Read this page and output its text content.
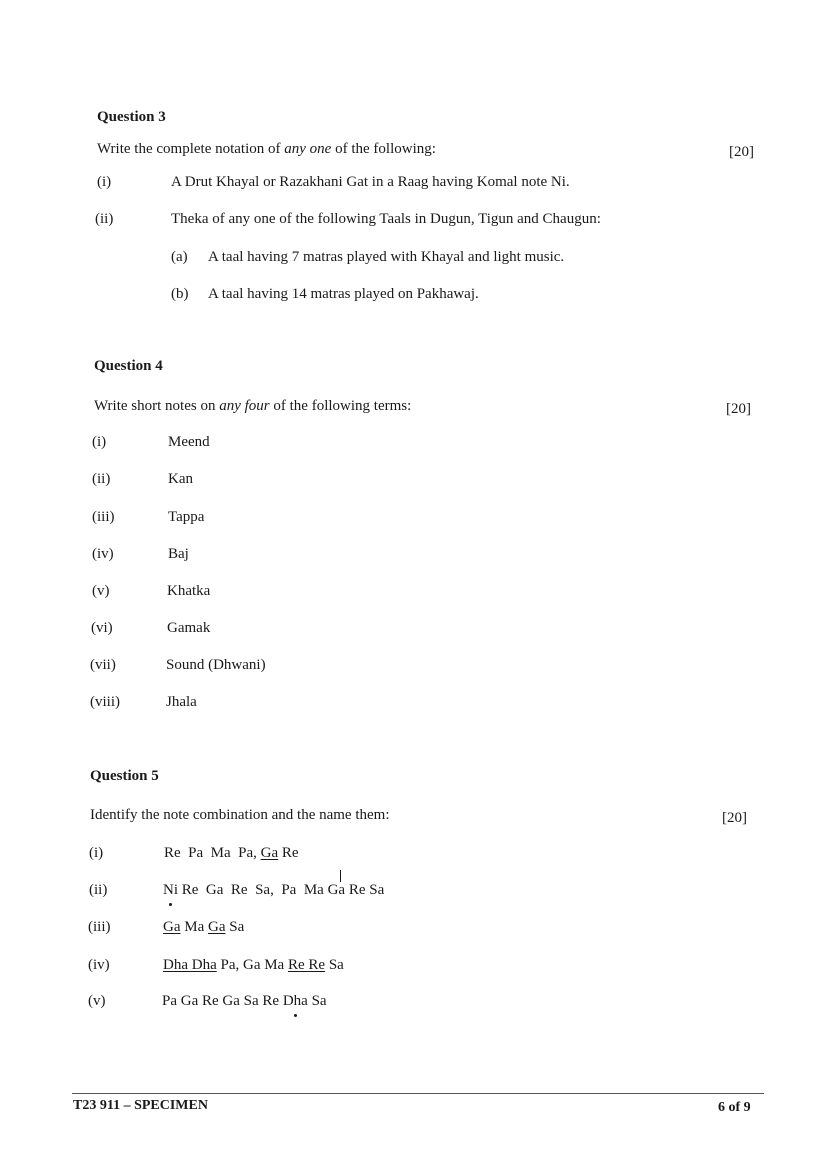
Question 3
Write the complete notation of any one of the following:	[20]
(i)	A Drut Khayal or Razakhani Gat in a Raag having Komal note Ni.
(ii)	Theka of any one of the following Taals in Dugun, Tigun and Chaugun:
(a) A taal having 7 matras played with Khayal and light music.
(b) A taal having 14 matras played on Pakhawaj.
Question 4
Write short notes on any four of the following terms:	[20]
(i)	Meend
(ii)	Kan
(iii)	Tappa
(iv)	Baj
(v)	Khatka
(vi)	Gamak
(vii)	Sound (Dhwani)
(viii)	Jhala
Question 5
Identify the note combination and the name them:	[20]
(i)	Re  Pa  Ma  Pa, Ga Re
(ii)	Ni Re  Ga  Re  Sa,  Pa  Ma Ga Re Sa
(iii)	Ga Ma Ga Sa
(iv)	Dha Dha Pa, Ga Ma Re Re Sa
(v)	Pa Ga Re Ga Sa Re Dha Sa
T23 911 – SPECIMEN	6 of 9
